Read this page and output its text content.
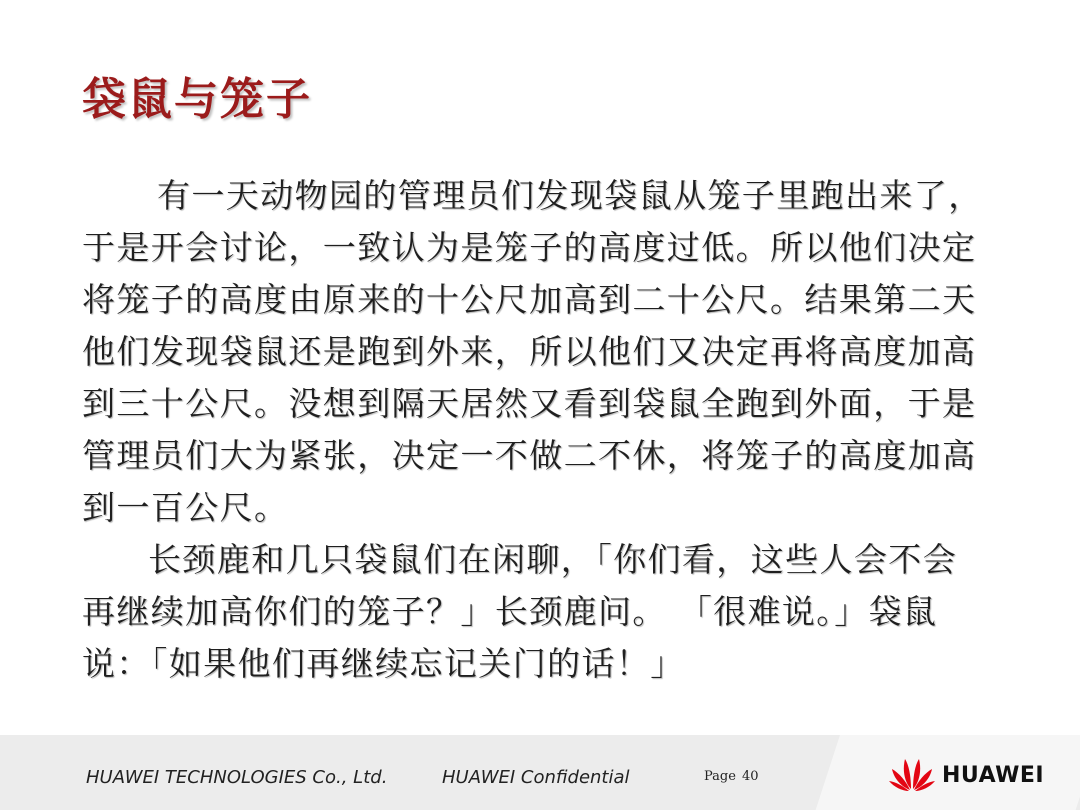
袋鼠与笼子

有一天动物园的管理员们发现袋鼠从笼子里跑出来了，于是开会讨论，一致认为是笼子的高度过低。所以他们决定将笼子的高度由原来的十公尺加高到二十公尺。结果第二天他们发现袋鼠还是跑到外来，所以他们又决定再将高度加高到三十公尺。没想到隔天居然又看到袋鼠全跑到外面，于是管理员们大为紧张，决定一不做二不休，将笼子的高度加高到一百公尺。

长颈鹿和几只袋鼠们在闲聊，「你们看，这些人会不会再继续加高你们的笼子？」长颈鹿问。 「很难说。」袋鼠说：「如果他们再继续忘记关门的话！」

HUAWEI TECHNOLOGIES Co., Ltd.	HUAWEI Confidential	Page 40	HUAWEI
